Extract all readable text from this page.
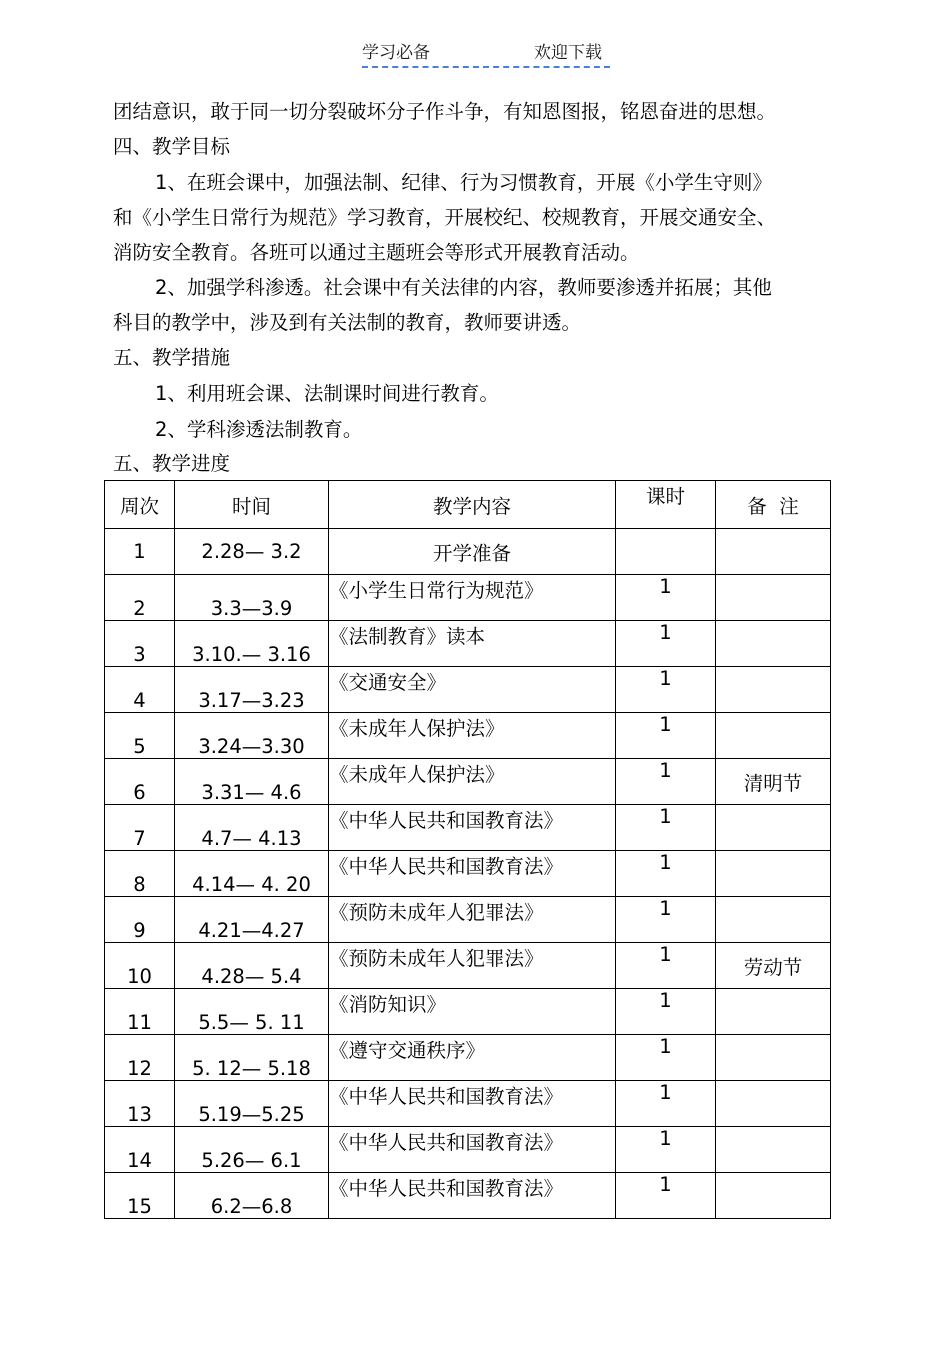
学习必备	欢迎下载
团结意识，敢于同一切分裂破坏分子作斗争，有知恩图报，铭恩奋进的思想。
四、教学目标
1、在班会课中，加强法制、纪律、行为习惯教育，开展《小学生守则》
和《小学生日常行为规范》学习教育，开展校纪、校规教育，开展交通安全、
消防安全教育。各班可以通过主题班会等形式开展教育活动。
2、加强学科渗透。社会课中有关法律的内容，教师要渗透并拓展；其他
科目的教学中，涉及到有关法制的教育，教师要讲透。
五、教学措施
1、利用班会课、法制课时间进行教育。
2、学科渗透法制教育。
五、教学进度
周次	时间	教学内容	课时	备  注
1	2.28— 3.2	开学准备		
2	3.3—3.9	《小学生日常行为规范》	1	
3	3.10.— 3.16	《法制教育》读本	1	
4	3.17—3.23	《交通安全》	1	
5	3.24—3.30	《未成年人保护法》	1	
6	3.31— 4.6	《未成年人保护法》	1	清明节
7	4.7— 4.13	《中华人民共和国教育法》	1	
8	4.14— 4. 20	《中华人民共和国教育法》	1	
9	4.21—4.27	《预防未成年人犯罪法》	1	
10	4.28— 5.4	《预防未成年人犯罪法》	1	劳动节
11	5.5— 5. 11	《消防知识》	1	
12	5. 12— 5.18	《遵守交通秩序》	1	
13	5.19—5.25	《中华人民共和国教育法》	1	
14	5.26— 6.1	《中华人民共和国教育法》	1	
15	6.2—6.8	《中华人民共和国教育法》	1	
